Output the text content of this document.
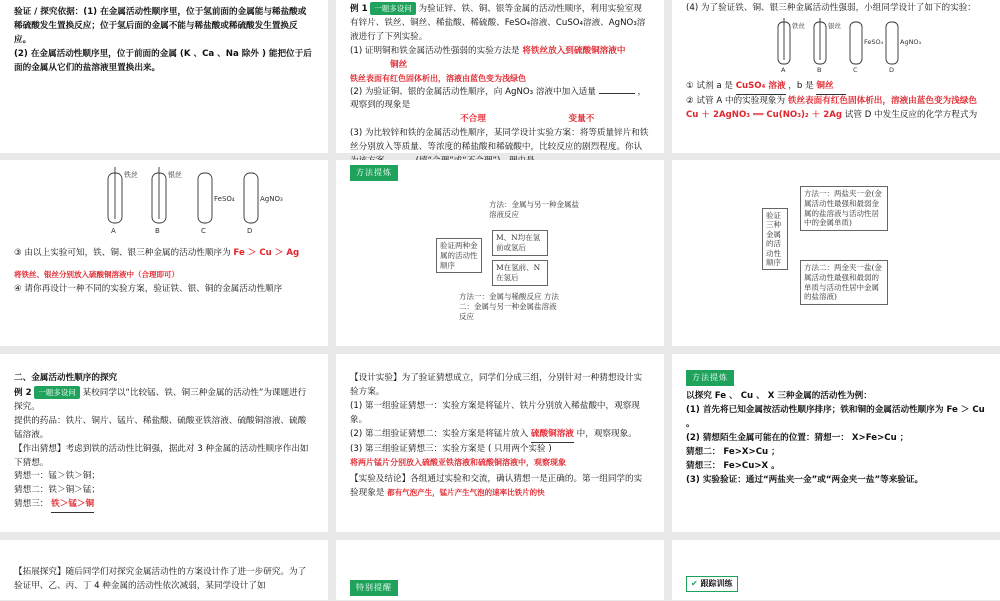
验证 / 探究依据：(1) 在金属活动性顺序里，位于氢前面的金属能与稀盐酸或稀硫酸发生置换反应；位于氢后面的金属不能与稀盐酸或稀硫酸发生置换反应。

(2) 在金属活动性顺序里，位于前面的金属 (K 、Ca 、Na 除外 ) 能把位于后面的金属从它们的盐溶液里置换出来。

例 1 一题多设问 为验证锌、铁、铜、银等金属的活动性顺序，利用实验室现有锌片、铁丝、铜丝、稀盐酸、稀硫酸、FeSO₄溶液、CuSO₄溶液、AgNO₃溶液进行了下列实验。

(1) 证明铜和铁金属活动性强弱的实验方法是 将铁丝放入到硫酸铜溶液中 铜丝

铁丝表面有红色固体析出，溶液由蓝色变为浅绿色

(2) 为验证铜、银的金属活动性顺序，向 AgNO₃ 溶液中加入适量	，观察到的现象是

不合理	变量不

(3) 为比较锌和铁的金属活动性顺序，某同学设计实验方案：将等质量锌片和铁丝分别放入等质量、等浓度的稀盐酸和稀硫酸中，比较反应的剧烈程度。你认

(4) 为了验证铁、铜、银三种金属活动性强弱，小组同学设计了如下的实验：

铁丝	银丝
FeSO₄	AgNO₃
A	B	C	D

① 试剂 a 是 CuSO₄ 溶液 ，b 是 铜丝

② 试管 A 中的实验现象为 铁丝表面有红色固体析出，溶液由蓝色变为浅绿色

Cu ＋ 2AgNO₃ ══ Cu(NO₃)₂ ＋ 2Ag 试管 D 中发生反应的化学方程式为

铁丝	银丝
FeSO₄	AgNO₃
A	B	C	D

③ 由以上实验可知，铁、铜、银三种金属的活动性顺序为 Fe ＞ Cu ＞ Ag

将铁丝、银丝分别放入硫酸铜溶液中（合理即可）
④ 请你再设计一种不同的实验方案，验证铁、银、铜的金属活动性顺序

方法提炼
方法：金属与另一种金属盐溶液反应
验证两种金属的活动性顺序
M、N均在氢前或氢后
M在氢前、N在氢后
方法一：金属与稀酸反应 方法二：金属与另一种金属盐溶液反应
验证三种金属的活动性顺序
方法一：两盐夹一金(金属活动性最强和最弱金属的盐溶液与活动性居中的金属单质)
方法二：两金夹一盐(金属活动性最强和最弱的单质与活动性居中金属的盐溶液)

二、金属活动性顺序的探究

例 2 一题多设问 某校同学以“比较锰、铁、铜三种金属的活动性”为课题进行探究。

提供的药品：铁片、铜片、锰片、稀盐酸、硫酸亚铁溶液、硫酸铜溶液、硫酸锰溶液。

【作出猜想】考虑到铁的活动性比铜强，据此对 3 种金属的活动性顺序作出如下猜想。

猜想一：锰＞铁＞铜；

猜想二：铁＞铜＞锰；

猜想三： 铁＞锰＞铜

【设计实验】为了验证猜想成立，同学们分成三组，分别针对一种猜想设计实验方案。

(1) 第一组验证猜想一：实验方案是将锰片、铁片分别放入稀盐酸中，观察现象。

(2) 第二组验证猜想二：实验方案是将锰片放入 硫酸铜溶液 中，观察现象。

(3) 第三组验证猜想三：实验方案是 ( 只用两个实验 )

将两片锰片分别放入硫酸亚铁溶液和硫酸铜溶液中，观察现象

【实验及结论】各组通过实验和交流，确认猜想一是正确的。第一组同学的实验现象是 都有气泡产生，锰片产生气泡的速率比铁片的快

方法提炼

以探究 Fe 、 Cu 、 X 三种金属的活动性为例：

(1) 首先将已知金属按活动性顺序排序；铁和铜的金属活动性顺序为 Fe ＞ Cu 。

(2) 猜想陌生金属可能在的位置：猜想一： X>Fe>Cu ；

猜想二： Fe>X>Cu ；

猜想三： Fe>Cu>X 。

(3) 实验验证：通过“两盐夹一金”或“两金夹一盐”等来验证。

【拓展探究】随后同学们对探究金属活动性的方案设计作了进一步研究。为了验证甲、乙、丙、丁 4 种金属的活动性依次减弱，某同学设计了如	特别提醒	✔ 跟踪训练
